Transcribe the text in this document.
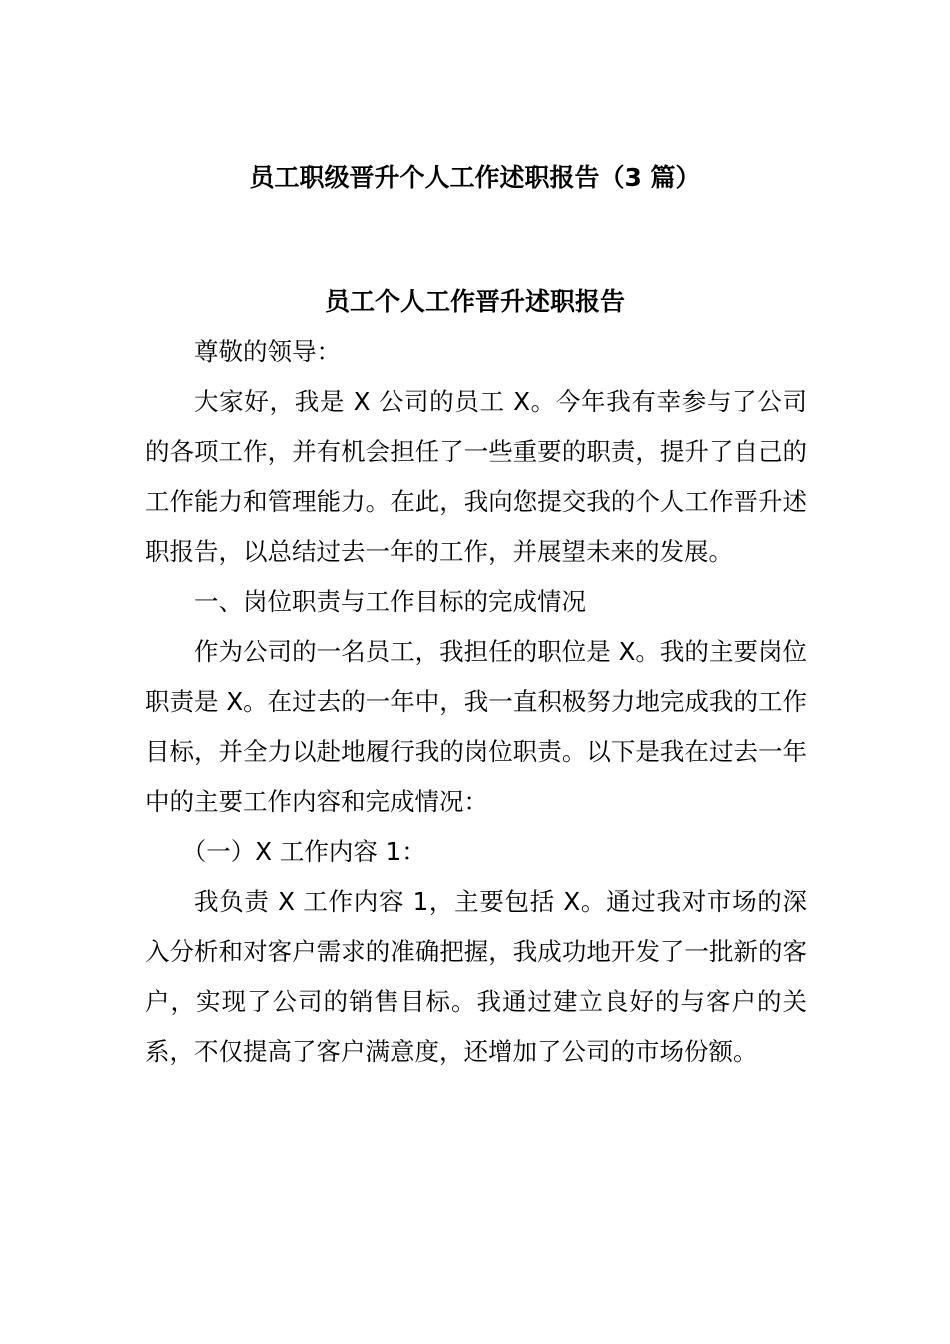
员工职级晋升个人工作述职报告（3 篇）
员工个人工作晋升述职报告

尊敬的领导：

大家好，我是 X 公司的员工 X。今年我有幸参与了公司的各项工作，并有机会担任了一些重要的职责，提升了自己的工作能力和管理能力。在此，我向您提交我的个人工作晋升述职报告，以总结过去一年的工作，并展望未来的发展。

一、岗位职责与工作目标的完成情况

作为公司的一名员工，我担任的职位是 X。我的主要岗位职责是 X。在过去的一年中，我一直积极努力地完成我的工作目标，并全力以赴地履行我的岗位职责。以下是我在过去一年中的主要工作内容和完成情况：

（一）X 工作内容 1：

我负责 X 工作内容 1，主要包括 X。通过我对市场的深入分析和对客户需求的准确把握，我成功地开发了一批新的客户，实现了公司的销售目标。我通过建立良好的与客户的关系，不仅提高了客户满意度，还增加了公司的市场份额。
